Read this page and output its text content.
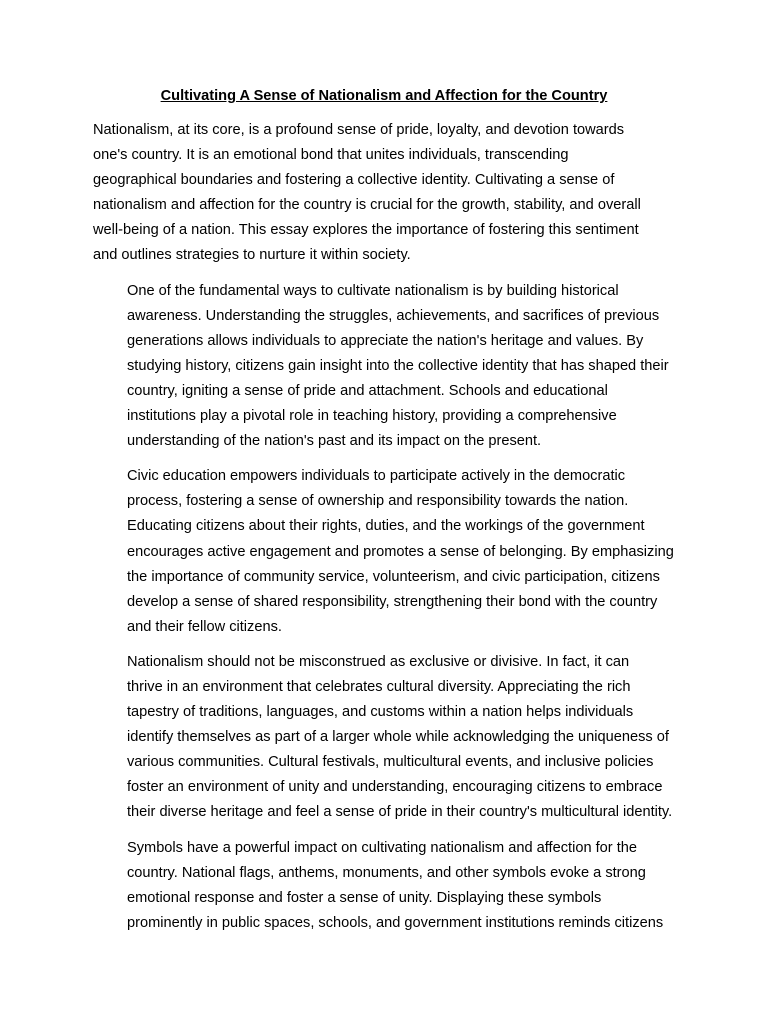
Cultivating A Sense of Nationalism and Affection for the Country

Nationalism, at its core, is a profound sense of pride, loyalty, and devotion towards
one's country. It is an emotional bond that unites individuals, transcending
geographical boundaries and fostering a collective identity. Cultivating a sense of
nationalism and affection for the country is crucial for the growth, stability, and overall
well-being of a nation. This essay explores the importance of fostering this sentiment
and outlines strategies to nurture it within society.

One of the fundamental ways to cultivate nationalism is by building historical
awareness. Understanding the struggles, achievements, and sacrifices of previous
generations allows individuals to appreciate the nation's heritage and values. By
studying history, citizens gain insight into the collective identity that has shaped their
country, igniting a sense of pride and attachment. Schools and educational
institutions play a pivotal role in teaching history, providing a comprehensive
understanding of the nation's past and its impact on the present.

Civic education empowers individuals to participate actively in the democratic
process, fostering a sense of ownership and responsibility towards the nation.
Educating citizens about their rights, duties, and the workings of the government
encourages active engagement and promotes a sense of belonging. By emphasizing
the importance of community service, volunteerism, and civic participation, citizens
develop a sense of shared responsibility, strengthening their bond with the country
and their fellow citizens.

Nationalism should not be misconstrued as exclusive or divisive. In fact, it can
thrive in an environment that celebrates cultural diversity. Appreciating the rich
tapestry of traditions, languages, and customs within a nation helps individuals
identify themselves as part of a larger whole while acknowledging the uniqueness of
various communities. Cultural festivals, multicultural events, and inclusive policies
foster an environment of unity and understanding, encouraging citizens to embrace
their diverse heritage and feel a sense of pride in their country's multicultural identity.

Symbols have a powerful impact on cultivating nationalism and affection for the
country. National flags, anthems, monuments, and other symbols evoke a strong
emotional response and foster a sense of unity. Displaying these symbols
prominently in public spaces, schools, and government institutions reminds citizens
